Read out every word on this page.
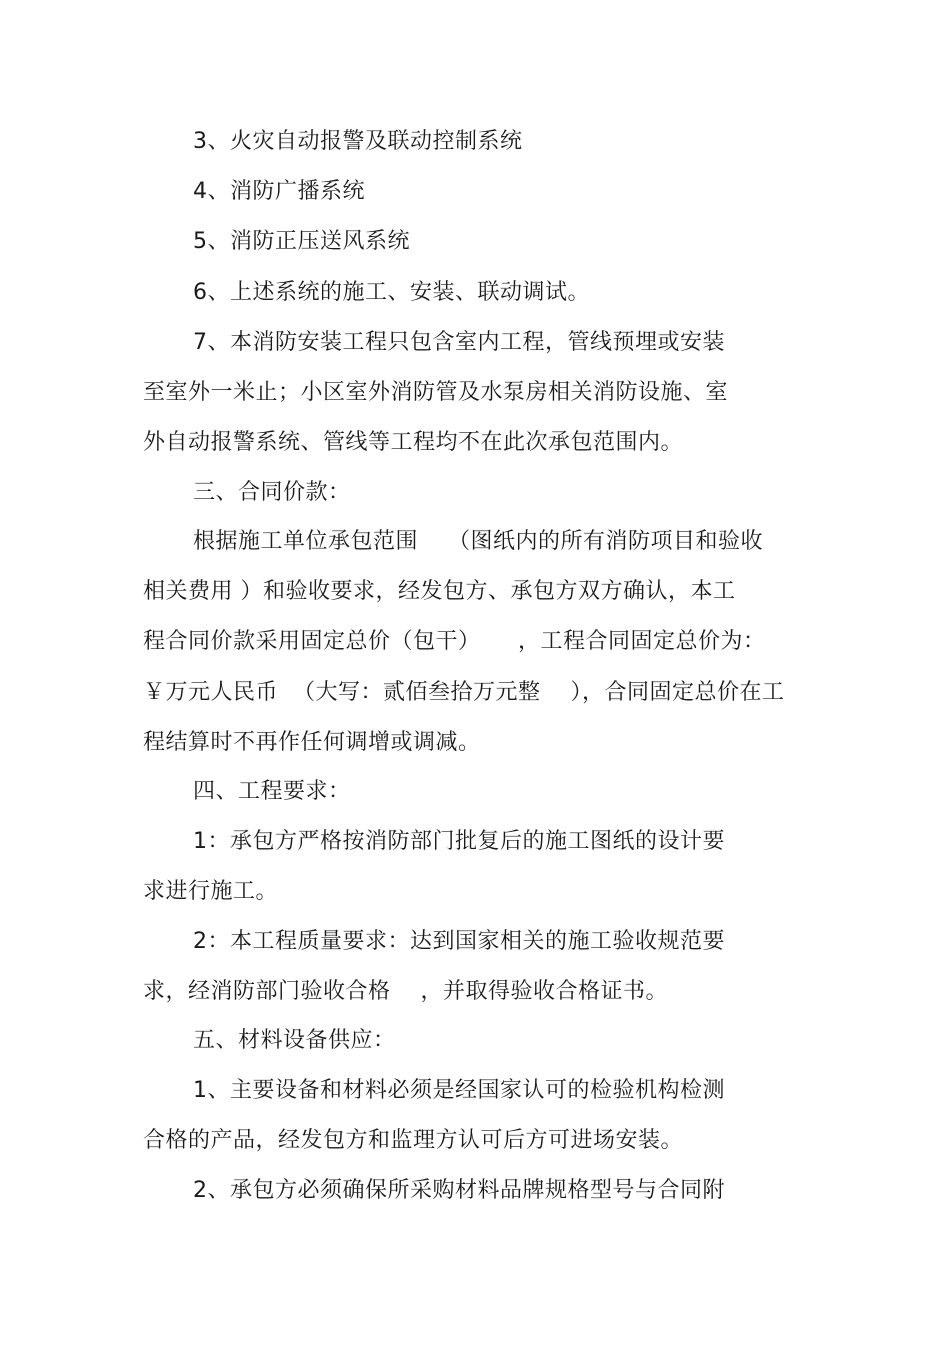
3、火灾自动报警及联动控制系统
4、消防广播系统
5、消防正压送风系统
6、上述系统的施工、安装、联动调试。
7、本消防安装工程只包含室内工程，管线预埋或安装
至室外一米止；小区室外消防管及水泵房相关消防设施、室
外自动报警系统、管线等工程均不在此次承包范围内。
三、合同价款：
根据施工单位承包范围    （图纸内的所有消防项目和验收
相关费用 ）和验收要求，经发包方、承包方双方确认，本工
程合同价款采用固定总价（包干）     ，工程合同固定总价为：
￥万元人民币  （大写：贰佰叁拾万元整    ），合同固定总价在工
程结算时不再作任何调增或调减。
四、工程要求：
1：承包方严格按消防部门批复后的施工图纸的设计要
求进行施工。
2：本工程质量要求：达到国家相关的施工验收规范要
求，经消防部门验收合格    ，并取得验收合格证书。
五、材料设备供应：
1、主要设备和材料必须是经国家认可的检验机构检测
合格的产品，经发包方和监理方认可后方可进场安装。
2、承包方必须确保所采购材料品牌规格型号与合同附
